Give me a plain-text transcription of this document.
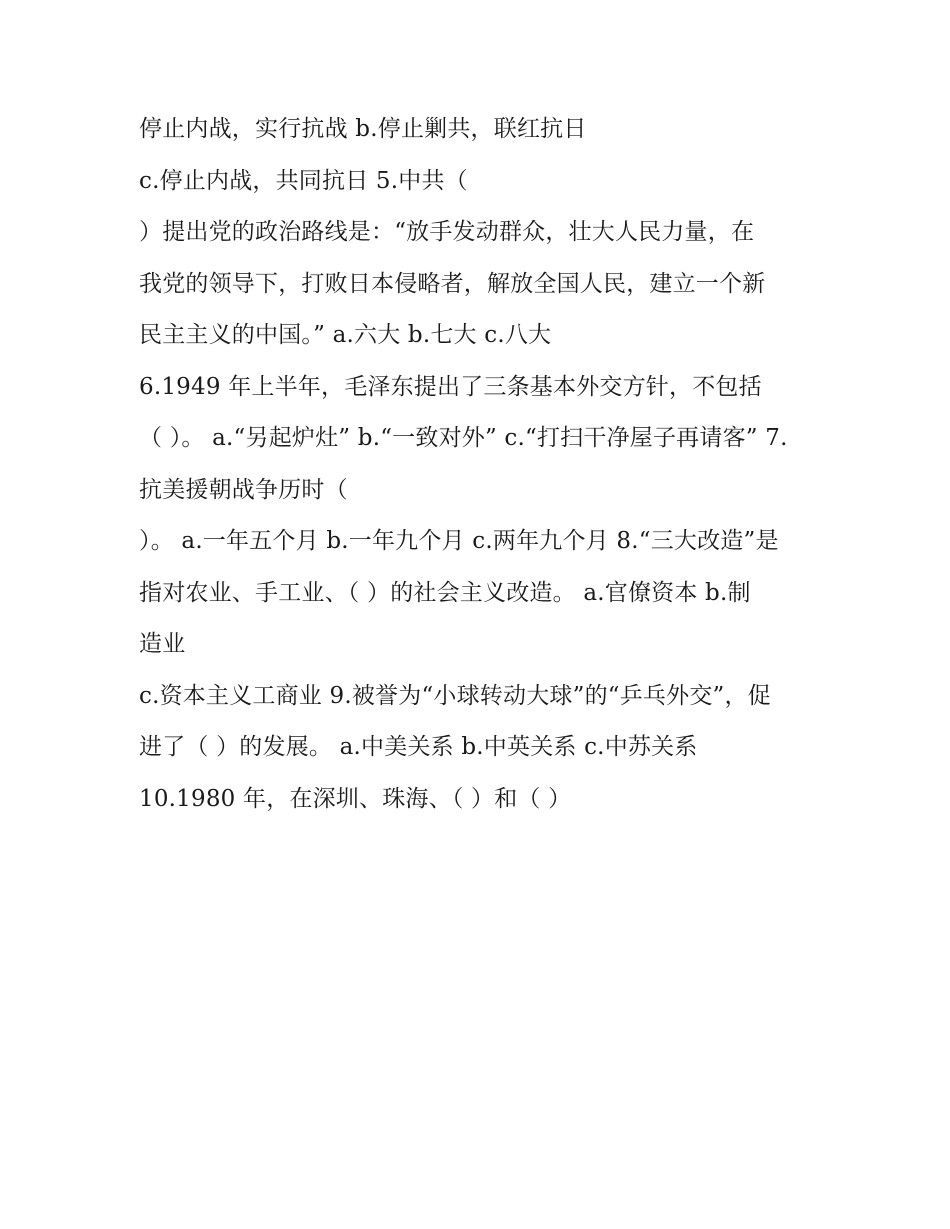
停止内战，实行抗战 b.停止剿共，联红抗日
c.停止内战，共同抗日 5.中共（
）提出党的政治路线是：“放手发动群众，壮大人民力量，在
我党的领导下，打败日本侵略者，解放全国人民，建立一个新
民主主义的中国。” a.六大 b.七大 c.八大
6.1949 年上半年，毛泽东提出了三条基本外交方针，不包括
（ ）。 a.“另起炉灶” b.“一致对外” c.“打扫干净屋子再请客” 7.
抗美援朝战争历时（
）。 a.一年五个月 b.一年九个月 c.两年九个月 8.“三大改造”是
指对农业、手工业、（ ）的社会主义改造。 a.官僚资本 b.制
造业
c.资本主义工商业 9.被誉为“小球转动大球”的“乒乓外交”，促
进了（ ）的发展。 a.中美关系 b.中英关系 c.中苏关系
10.1980 年，在深圳、珠海、（ ）和（ ）
